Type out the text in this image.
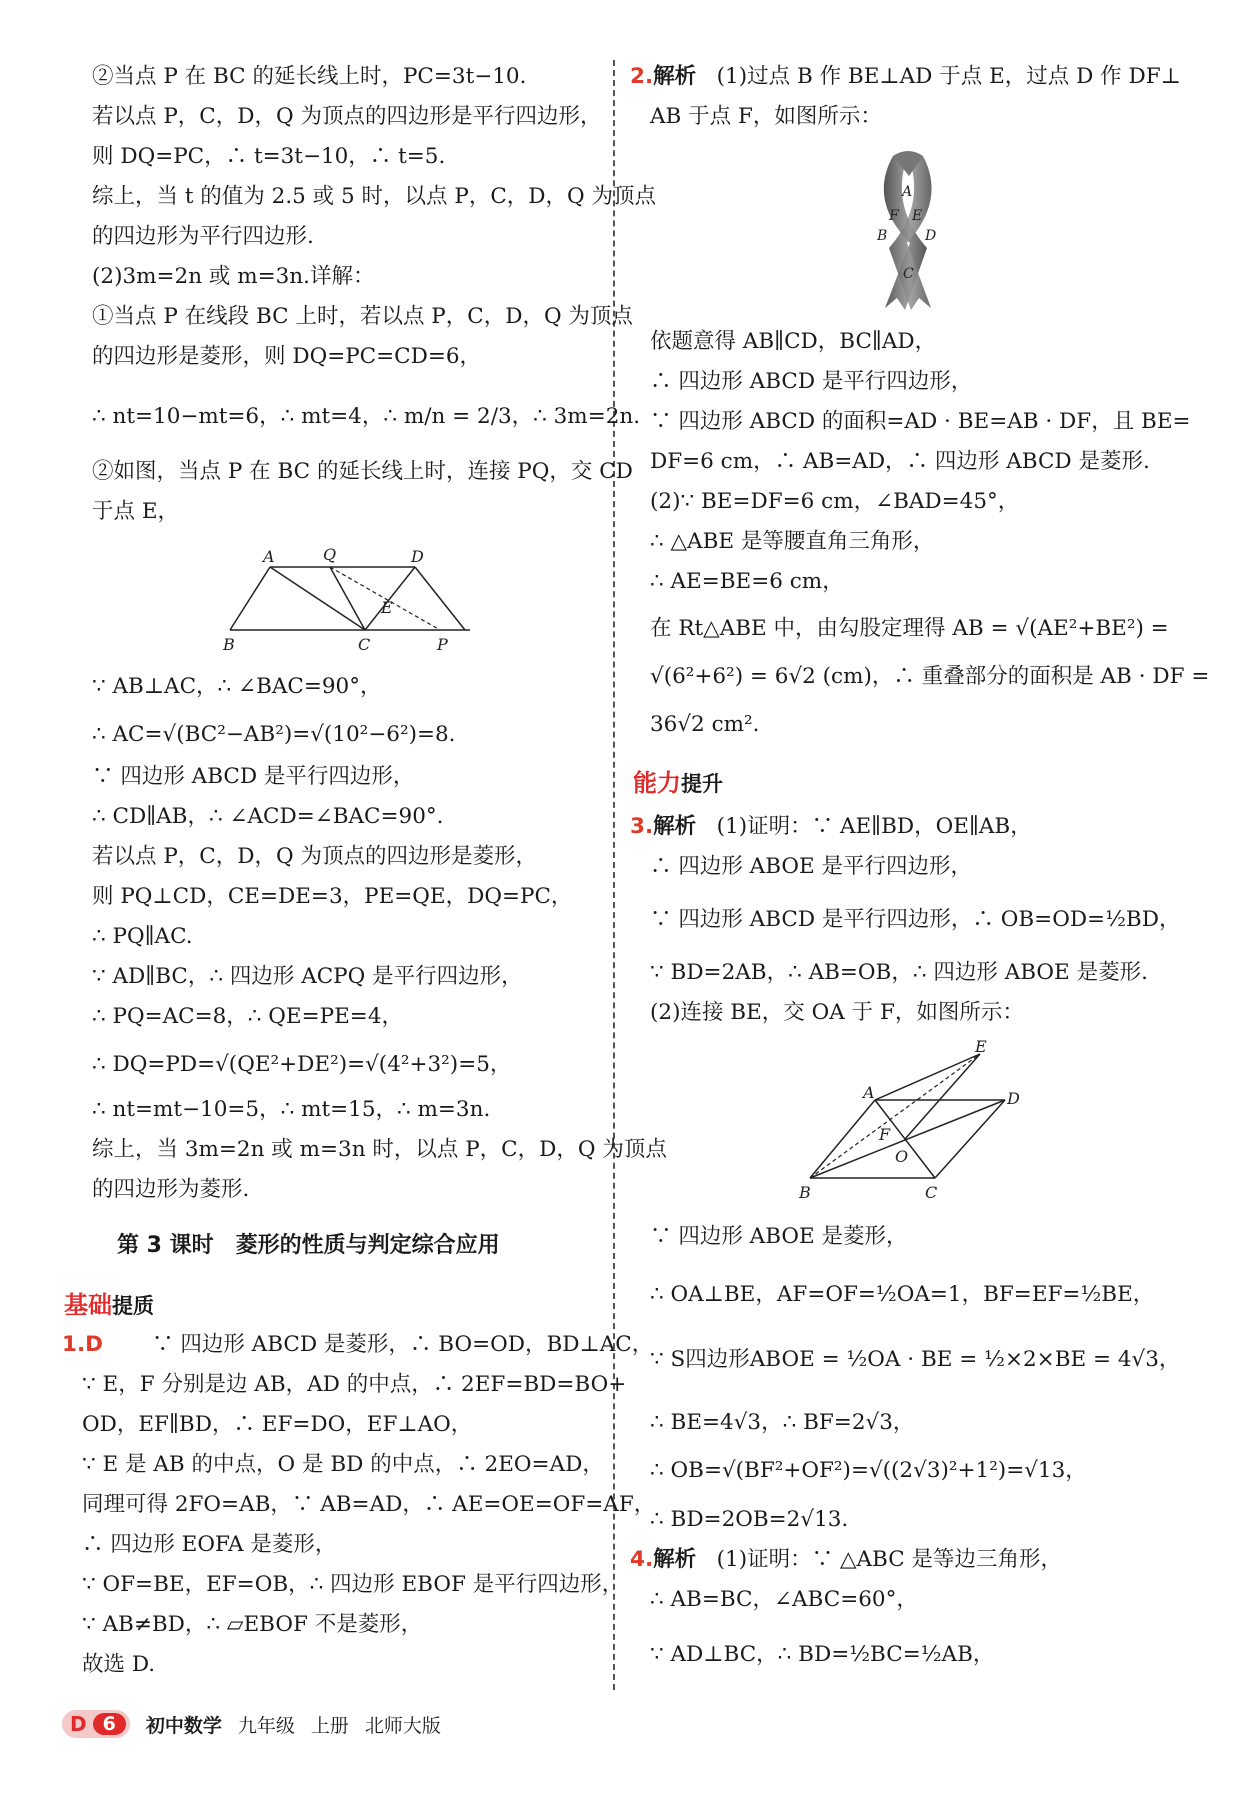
A	Q	D
E
B	C	P
A
F E
B	D
C
E
A	D
F
O
B	C
第 3 课时　菱形的性质与判定综合应用
基础提质
能力提升
1.D
2.解析 (1)过点 B 作 BE⊥AD 于点 E，过点 D 作 DF⊥
3.解析 (1)证明：∵ AE∥BD，OE∥AB，
4.解析 (1)证明：∵ △ABC 是等边三角形，
D 6	初中数学 九年级 上册 北师大版
②当点 P 在 BC 的延长线上时，PC=3t−10.
若以点 P，C，D，Q 为顶点的四边形是平行四边形，
则 DQ=PC，∴ t=3t−10，∴ t=5.
综上，当 t 的值为 2.5 或 5 时，以点 P，C，D，Q 为顶点
的四边形为平行四边形.
(2)3m=2n 或 m=3n.详解：
①当点 P 在线段 BC 上时，若以点 P，C，D，Q 为顶点
的四边形是菱形，则 DQ=PC=CD=6，
∴ nt=10−mt=6，∴ mt=4，∴ m/n = 2/3，∴ 3m=2n.
②如图，当点 P 在 BC 的延长线上时，连接 PQ，交 CD
于点 E，
∵ AB⊥AC，∴ ∠BAC=90°，
∴ AC=√(BC²−AB²)=√(10²−6²)=8.
∵ 四边形 ABCD 是平行四边形，
∴ CD∥AB，∴ ∠ACD=∠BAC=90°.
若以点 P，C，D，Q 为顶点的四边形是菱形，
则 PQ⊥CD，CE=DE=3，PE=QE，DQ=PC，
∴ PQ∥AC.
∵ AD∥BC，∴ 四边形 ACPQ 是平行四边形，
∴ PQ=AC=8，∴ QE=PE=4，
∴ DQ=PD=√(QE²+DE²)=√(4²+3²)=5，
∴ nt=mt−10=5，∴ mt=15，∴ m=3n.
综上，当 3m=2n 或 m=3n 时，以点 P，C，D，Q 为顶点
的四边形为菱形.
∵ 四边形 ABCD 是菱形，∴ BO=OD，BD⊥AC，
∵ E，F 分别是边 AB，AD 的中点，∴ 2EF=BD=BO+
OD，EF∥BD，∴ EF=DO，EF⊥AO，
∵ E 是 AB 的中点，O 是 BD 的中点，∴ 2EO=AD，
同理可得 2FO=AB，∵ AB=AD，∴ AE=OE=OF=AF，
∴ 四边形 EOFA 是菱形，
∵ OF=BE，EF=OB，∴ 四边形 EBOF 是平行四边形，
∵ AB≠BD，∴ ▱EBOF 不是菱形，
故选 D.
AB 于点 F，如图所示：
依题意得 AB∥CD，BC∥AD，
∴ 四边形 ABCD 是平行四边形，
∵ 四边形 ABCD 的面积=AD · BE=AB · DF，且 BE=
DF=6 cm，∴ AB=AD，∴ 四边形 ABCD 是菱形.
(2)∵ BE=DF=6 cm，∠BAD=45°，
∴ △ABE 是等腰直角三角形，
∴ AE=BE=6 cm，
在 Rt△ABE 中，由勾股定理得 AB = √(AE²+BE²) =
√(6²+6²) = 6√2 (cm)，∴ 重叠部分的面积是 AB · DF =
36√2 cm².
∴ 四边形 ABOE 是平行四边形，
∵ 四边形 ABCD 是平行四边形，∴ OB=OD=½BD，
∵ BD=2AB，∴ AB=OB，∴ 四边形 ABOE 是菱形.
(2)连接 BE，交 OA 于 F，如图所示：
∵ 四边形 ABOE 是菱形，
∴ OA⊥BE，AF=OF=½OA=1，BF=EF=½BE，
∵ S四边形ABOE = ½OA · BE = ½×2×BE = 4√3，
∴ BE=4√3，∴ BF=2√3，
∴ OB=√(BF²+OF²)=√((2√3)²+1²)=√13，
∴ BD=2OB=2√13.
∴ AB=BC，∠ABC=60°，
∵ AD⊥BC，∴ BD=½BC=½AB，
